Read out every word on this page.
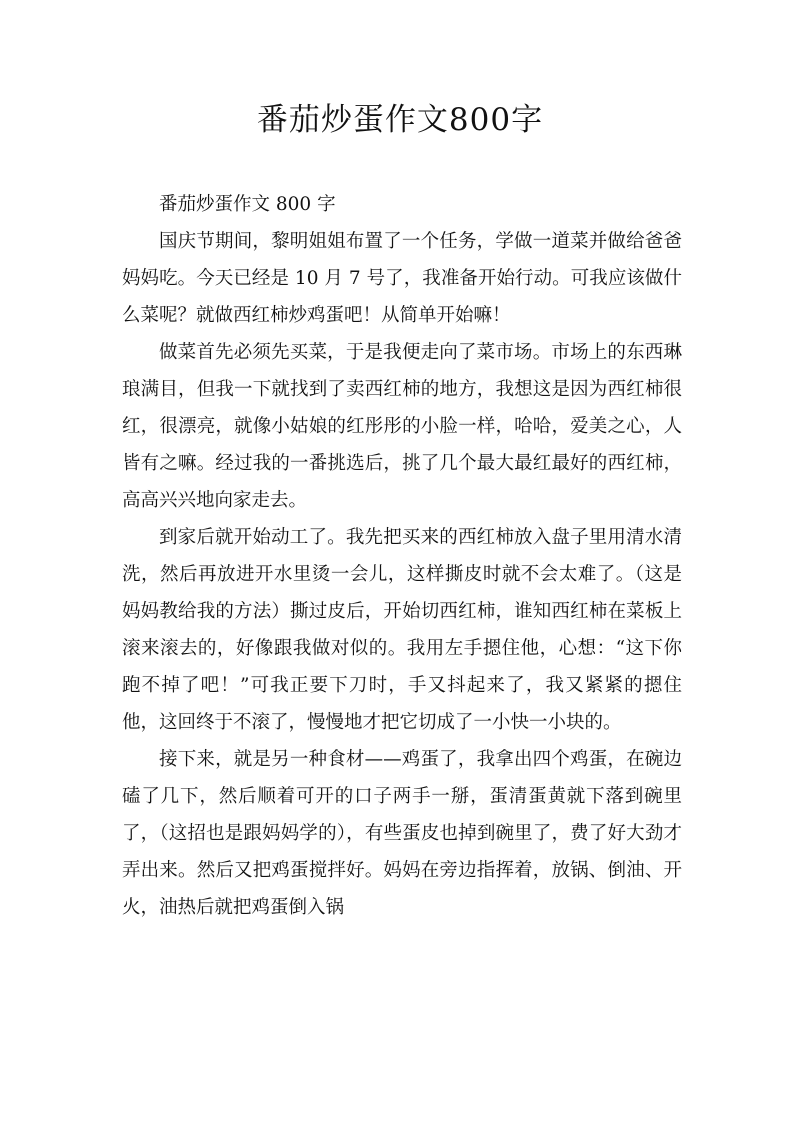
番茄炒蛋作文800字

番茄炒蛋作文 800 字

国庆节期间，黎明姐姐布置了一个任务，学做一道菜并做给爸爸妈妈吃。今天已经是 10 月 7 号了，我准备开始行动。可我应该做什么菜呢？就做西红柿炒鸡蛋吧！从简单开始嘛！

做菜首先必须先买菜，于是我便走向了菜市场。市场上的东西琳琅满目，但我一下就找到了卖西红柿的地方，我想这是因为西红柿很红，很漂亮，就像小姑娘的红彤彤的小脸一样，哈哈，爱美之心，人皆有之嘛。经过我的一番挑选后，挑了几个最大最红最好的西红柿，高高兴兴地向家走去。

到家后就开始动工了。我先把买来的西红柿放入盘子里用清水清洗，然后再放进开水里烫一会儿，这样撕皮时就不会太难了。（这是妈妈教给我的方法）撕过皮后，开始切西红柿，谁知西红柿在菜板上滚来滚去的，好像跟我做对似的。我用左手摁住他，心想：“这下你跑不掉了吧！”可我正要下刀时，手又抖起来了，我又紧紧的摁住他，这回终于不滚了，慢慢地才把它切成了一小快一小块的。

接下来，就是另一种食材——鸡蛋了，我拿出四个鸡蛋，在碗边磕了几下，然后顺着可开的口子两手一掰，蛋清蛋黄就下落到碗里了，（这招也是跟妈妈学的），有些蛋皮也掉到碗里了，费了好大劲才弄出来。然后又把鸡蛋搅拌好。妈妈在旁边指挥着，放锅、倒油、开火，油热后就把鸡蛋倒入锅
